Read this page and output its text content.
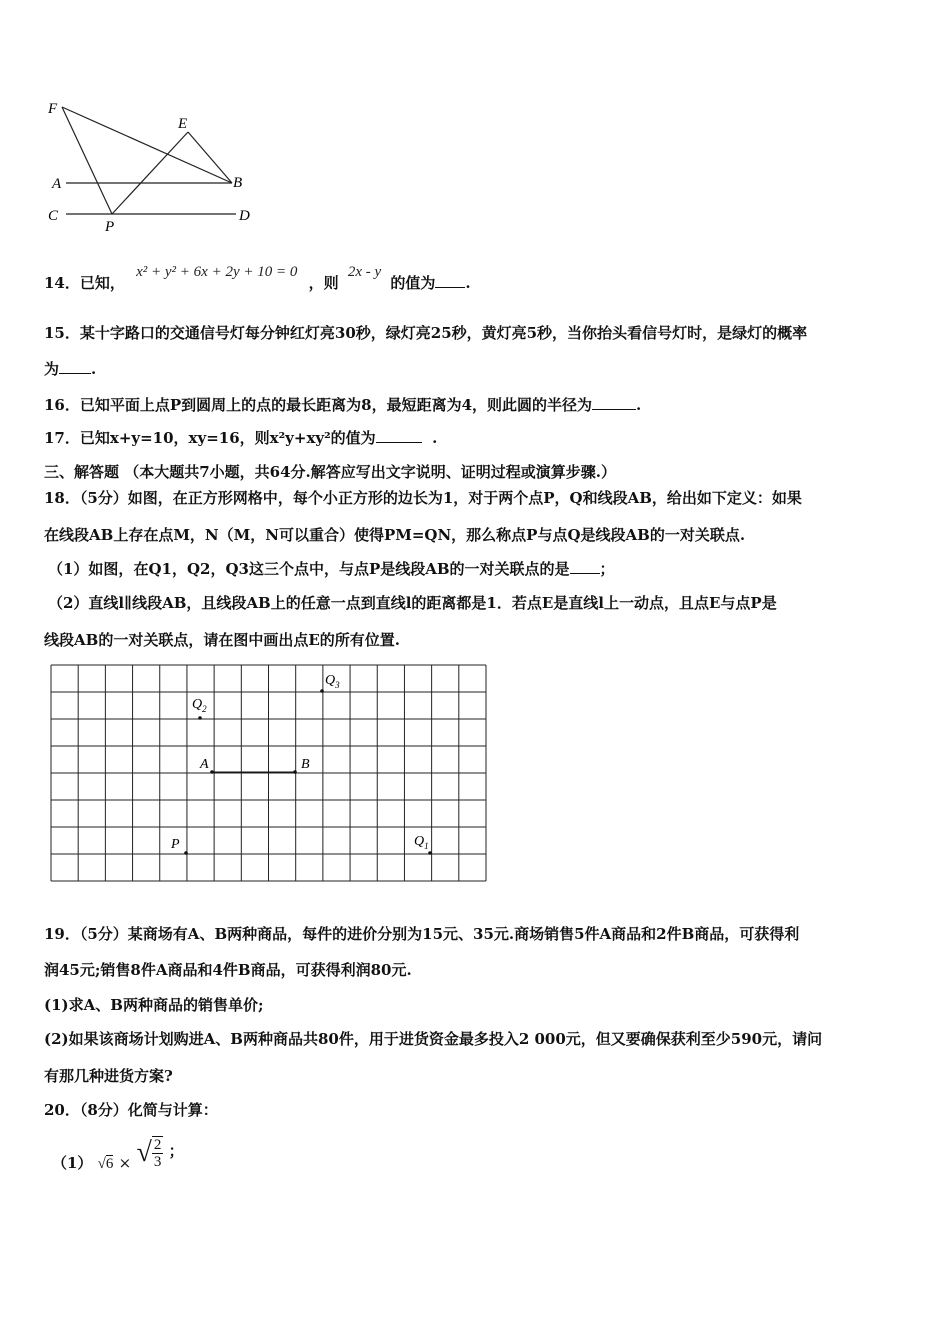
F
E
A	B
C
P
D
14．已知， x² + y² + 6x + 2y + 10 = 0 ，则 2x - y 的值为 .
15．某十字路口的交通信号灯每分钟红灯亮30秒，绿灯亮25秒，黄灯亮5秒，当你抬头看信号灯时，是绿灯的概率
为 .
16．已知平面上点P到圆周上的点的最长距离为8，最短距离为4，则此圆的半径为	.
17．已知x+y=10，xy=16，则x²y+xy²的值为	.
三、解答题 （本大题共7小题，共64分.解答应写出文字说明、证明过程或演算步骤.）
18．（5分）如图，在正方形网格中，每个小正方形的边长为1，对于两个点P，Q和线段AB，给出如下定义：如果
在线段AB上存在点M，N（M，N可以重合）使得PM=QN，那么称点P与点Q是线段AB的一对关联点.
（1）如图，在Q1，Q2，Q3这三个点中，与点P是线段AB的一对关联点的是 ；
（2）直线l∥线段AB，且线段AB上的任意一点到直线l的距离都是1．若点E是直线l上一动点，且点E与点P是
线段AB的一对关联点，请在图中画出点E的所有位置.
$Q_3$
$Q_2$
A	B
P	$Q_1$
19．（5分）某商场有A、B两种商品，每件的进价分别为15元、35元.商场销售5件A商品和2件B商品，可获得利
润45元;销售8件A商品和4件B商品，可获得利润80元.
(1)求A、B两种商品的销售单价;
(2)如果该商场计划购进A、B两种商品共80件，用于进货资金最多投入2 000元，但又要确保获利至少590元，请问
有那几种进货方案?
20．（8分）化简与计算：
（1） √6 × √ $\frac{2}{3}$ ；
